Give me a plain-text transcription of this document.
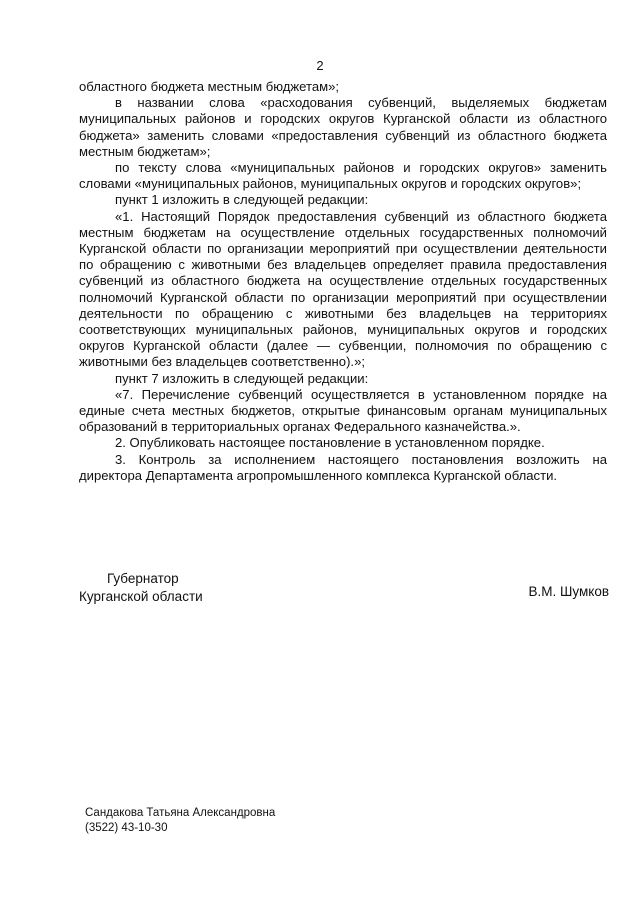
2

областного бюджета местным бюджетам»;

в названии слова «расходования субвенций, выделяемых бюджетам муниципальных районов и городских округов Курганской области из областного бюджета» заменить словами «предоставления субвенций из областного бюджета местным бюджетам»;

по тексту слова «муниципальных районов и городских округов» заменить словами «муниципальных районов, муниципальных округов и городских округов»;

пункт 1 изложить в следующей редакции:

«1. Настоящий Порядок предоставления субвенций из областного бюджета местным бюджетам на осуществление отдельных государственных полномочий Курганской области по организации мероприятий при осуществлении деятельности по обращению с животными без владельцев определяет правила предоставления субвенций из областного бюджета на осуществление отдельных государственных полномочий Курганской области по организации мероприятий при осуществлении деятельности по обращению с животными без владельцев на территориях соответствующих муниципальных районов, муниципальных округов и городских округов Курганской области (далее — субвенции, полномочия по обращению с животными без владельцев соответственно).»;

пункт 7 изложить в следующей редакции:

«7. Перечисление субвенций осуществляется в установленном порядке на единые счета местных бюджетов, открытые финансовым органам муниципальных образований в территориальных органах Федерального казначейства.».

2. Опубликовать настоящее постановление в установленном порядке.

3. Контроль за исполнением настоящего постановления возложить на директора Департамента агропромышленного комплекса Курганской области.

Губернатор
Курганской области	В.М. Шумков
Сандакова Татьяна Александровна
(3522) 43-10-30
